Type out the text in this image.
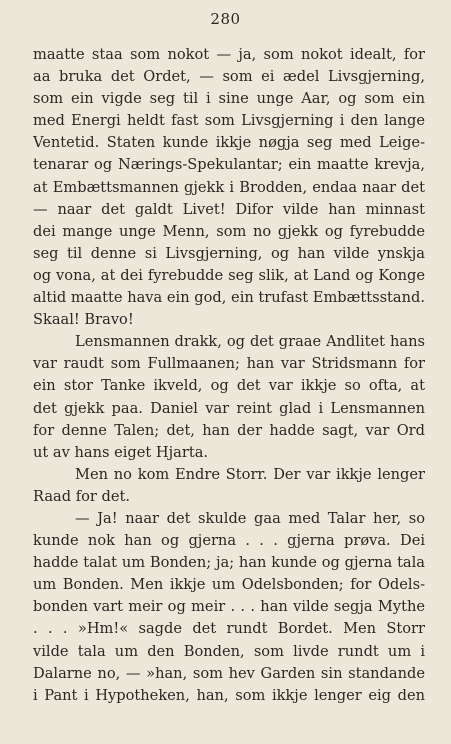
280
maatte staa som nokot — ja, som nokot idealt, for
aa bruka det Ordet, — som ei ædel Livsgjerning,
som ein vigde seg til i sine unge Aar, og som ein
med Energi heldt fast som Livsgjerning i den lange
Ventetid. Staten kunde ikkje nøgja seg med Leige-
tenarar og Nærings-Spekulantar; ein maatte krevja,
at Embættsmannen gjekk i Brodden, endaa naar det
— naar det galdt Livet! Difor vilde han minnast
dei mange unge Menn, som no gjekk og fyrebudde
seg til denne si Livsgjerning, og han vilde ynskja
og vona, at dei fyrebudde seg slik, at Land og Konge
altid maatte hava ein god, ein trufast Embættsstand.
Skaal! Bravo!
Lensmannen drakk, og det graae Andlitet hans
var raudt som Fullmaanen; han var Stridsmann for
ein stor Tanke ikveld, og det var ikkje so ofta, at
det gjekk paa. Daniel var reint glad i Lensmannen
for denne Talen; det, han der hadde sagt, var Ord
ut av hans eiget Hjarta.
Men no kom Endre Storr. Der var ikkje lenger
Raad for det.
— Ja! naar det skulde gaa med Talar her, so
kunde nok han og gjerna . . . gjerna prøva. Dei
hadde talat um Bonden; ja; han kunde og gjerna tala
um Bonden. Men ikkje um Odelsbonden; for Odels-
bonden vart meir og meir . . . han vilde segja Mythe
. . . »Hm!« sagde det rundt Bordet. Men Storr
vilde tala um den Bonden, som livde rundt um i
Dalarne no, — »han, som hev Garden sin standande
i Pant i Hypotheken, han, som ikkje lenger eig den
